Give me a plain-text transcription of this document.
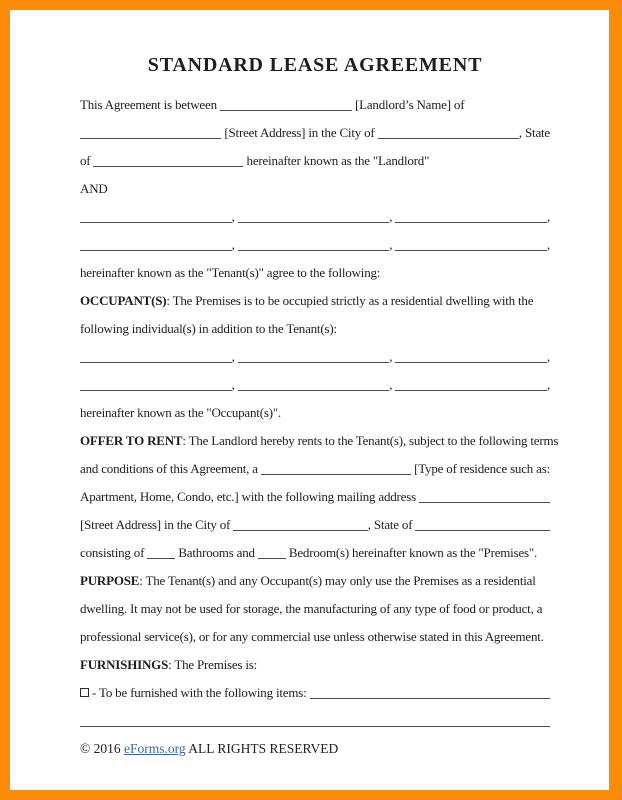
STANDARD LEASE AGREEMENT
This Agreement is between	[Landlord’s Name] of
[Street Address] in the City of	, State
of	hereinafter known as the "Landlord"
AND
,	,	,
,	,	,
hereinafter known as the "Tenant(s)" agree to the following:
OCCUPANT(S) : The Premises is to be occupied strictly as a residential dwelling with the
following individual(s) in addition to the Tenant(s):
,	,	,
,	,	,
hereinafter known as the "Occupant(s)".
OFFER TO RENT : The Landlord hereby rents to the Tenant(s), subject to the following terms
and conditions of this Agreement, a	[Type of residence such as:
Apartment, Home, Condo, etc.] with the following mailing address
[Street Address] in the City of	, State of
consisting of Bathrooms and Bedroom(s) hereinafter known as the "Premises".
PURPOSE : The Tenant(s) and any Occupant(s) may only use the Premises as a residential
dwelling. It may not be used for storage, the manufacturing of any type of food or product, a
professional service(s), or for any commercial use unless otherwise stated in this Agreement.
FURNISHINGS : The Premises is:
- To be furnished with the following items:
© 2016 eForms.org ALL RIGHTS RESERVED
